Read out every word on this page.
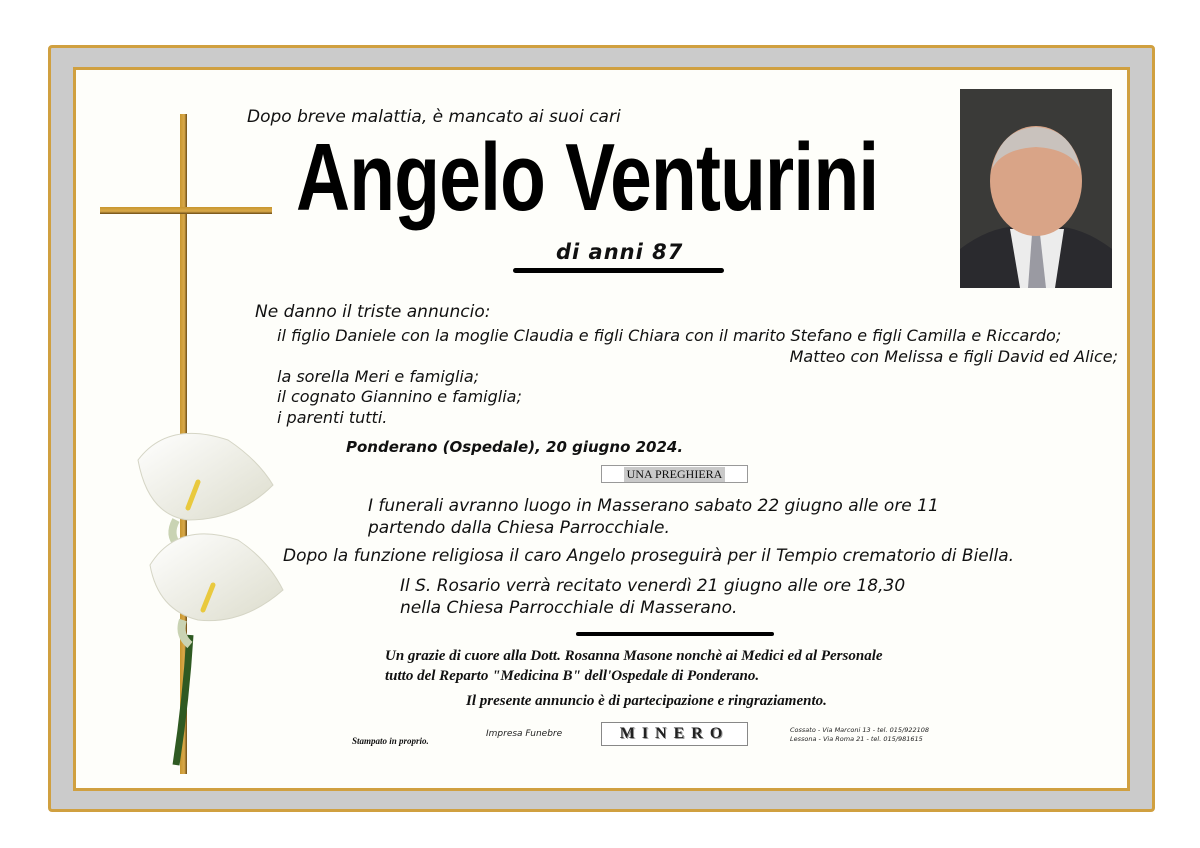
Dopo breve malattia, è mancato ai suoi cari
Angelo Venturini
di anni 87
Ne danno il triste annuncio:
il figlio Daniele con la moglie Claudia e figli Chiara con il marito Stefano e figli Camilla e Riccardo;
Matteo con Melissa e figli David ed Alice;
la sorella Meri e famiglia;
il cognato Giannino e famiglia;
i parenti tutti.
Ponderano (Ospedale), 20 giugno 2024.
UNA PREGHIERA
I funerali avranno luogo in Masserano sabato 22 giugno alle ore 11
partendo dalla Chiesa Parrocchiale.
Dopo la funzione religiosa il caro Angelo proseguirà per il Tempio crematorio di Biella.
Il S. Rosario verrà recitato venerdì 21 giugno alle ore 18,30
nella Chiesa Parrocchiale di Masserano.
Un grazie di cuore alla Dott. Rosanna Masone nonchè ai Medici ed al Personale
tutto del Reparto "Medicina B" dell'Ospedale di Ponderano.
Il presente annuncio è di partecipazione e ringraziamento.
Stampato in proprio.
Impresa Funebre	MINERO	Cossato - Via Marconi 13 - tel. 015/922108
Lessona - Via Roma 21 - tel. 015/981615
